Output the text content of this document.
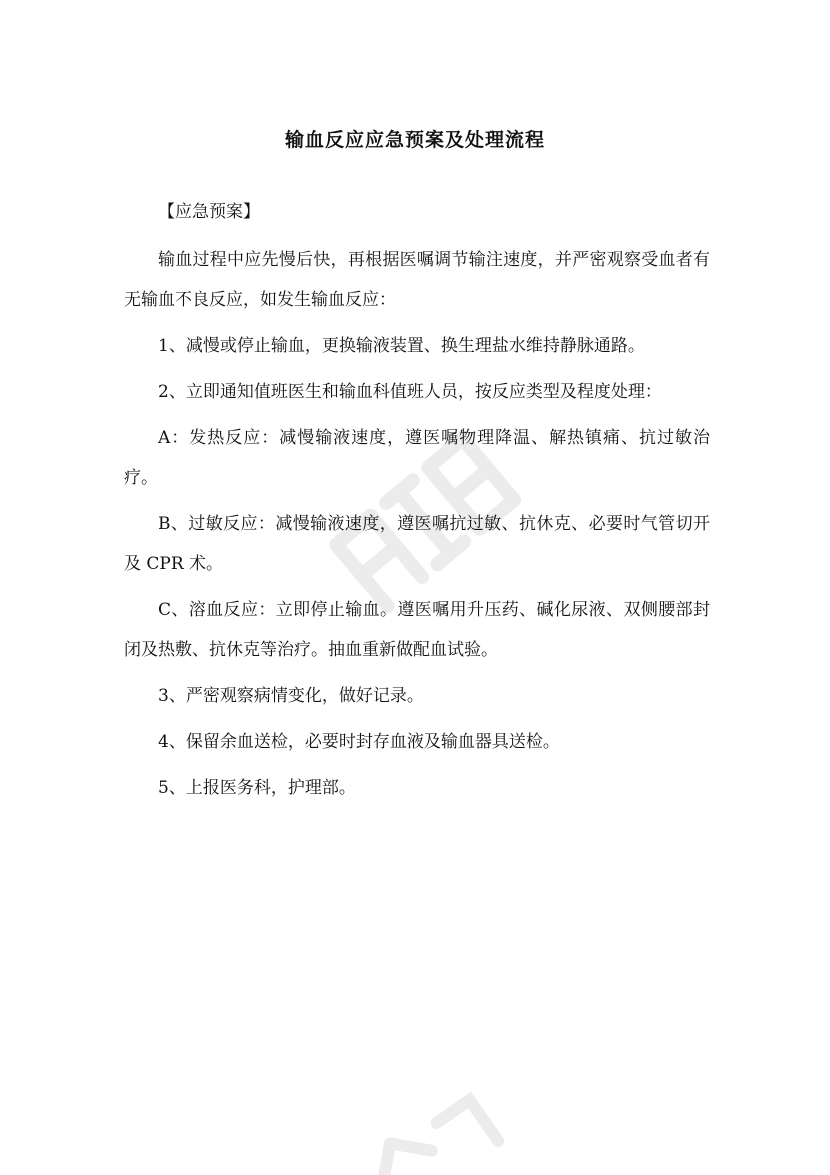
输血反应应急预案及处理流程

【应急预案】

输血过程中应先慢后快，再根据医嘱调节输注速度，并严密观察受血者有无输血不良反应，如发生输血反应：

1、减慢或停止输血，更换输液装置、换生理盐水维持静脉通路。

2、立即通知值班医生和输血科值班人员，按反应类型及程度处理：

A：发热反应：减慢输液速度，遵医嘱物理降温、解热镇痛、抗过敏治疗。

B、过敏反应：减慢输液速度，遵医嘱抗过敏、抗休克、必要时气管切开及 CPR 术。

C、溶血反应：立即停止输血。遵医嘱用升压药、碱化尿液、双侧腰部封闭及热敷、抗休克等治疗。抽血重新做配血试验。

3、严密观察病情变化，做好记录。

4、保留余血送检，必要时封存血液及输血器具送检。

5、上报医务科，护理部。
